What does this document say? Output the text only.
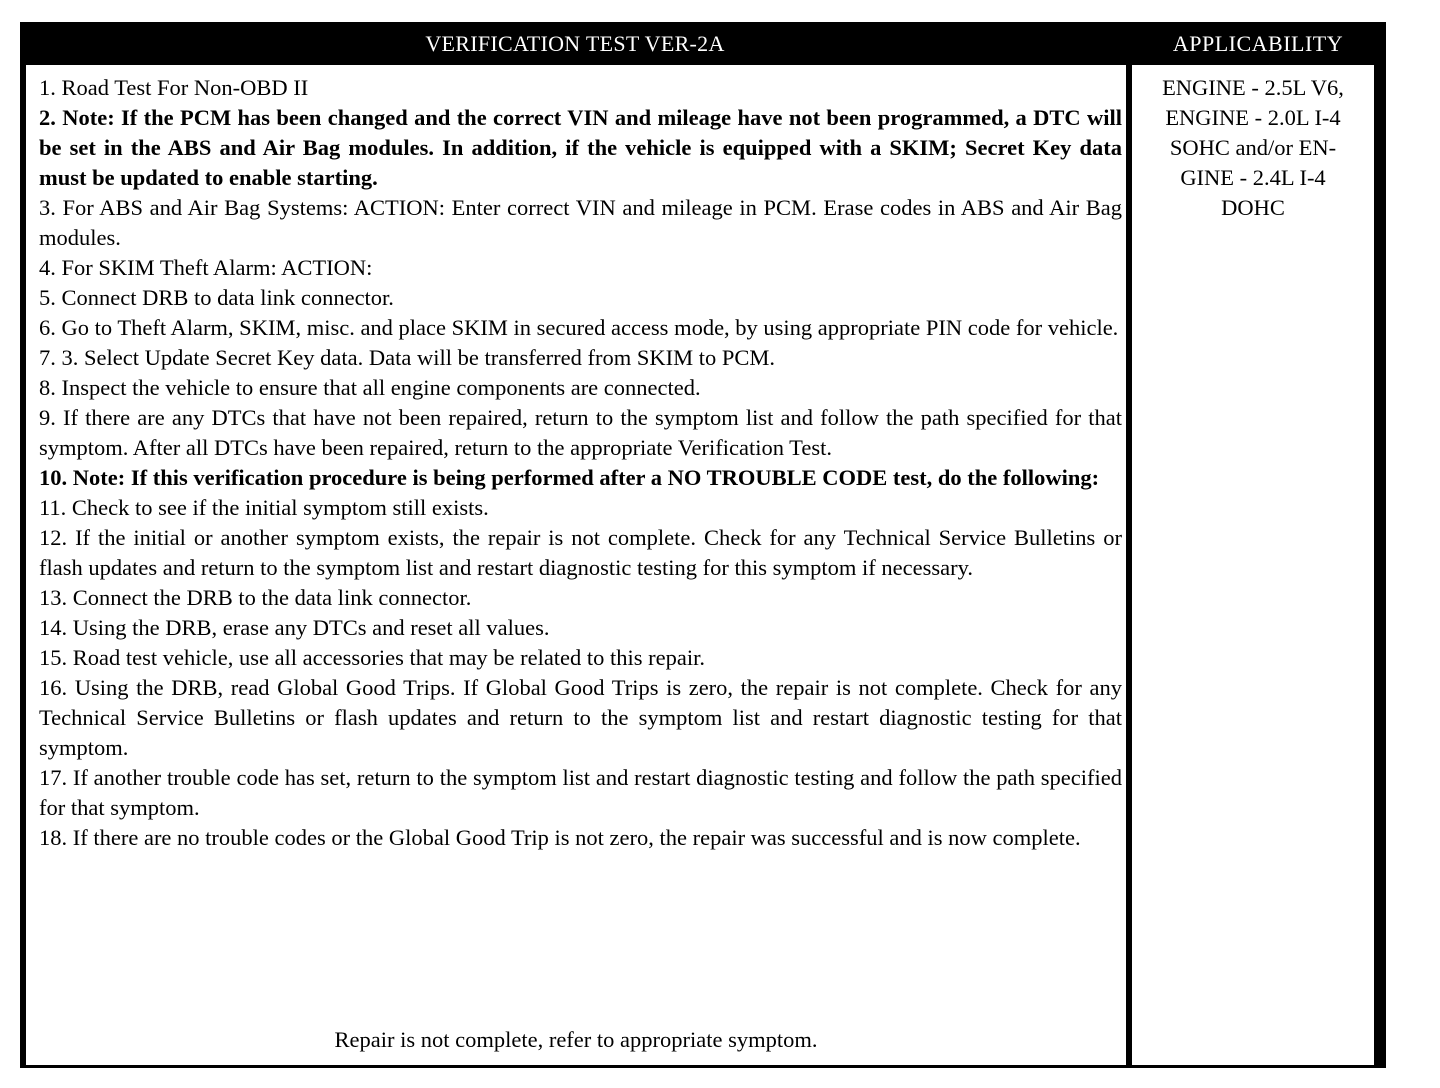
VERIFICATION TEST VER-2A	APPLICABILITY
1. Road Test For Non-OBD II
2. Note: If the PCM has been changed and the correct VIN and mileage have not been programmed, a DTC will be set in the ABS and Air Bag modules. In addition, if the vehicle is equipped with a SKIM; Secret Key data must be updated to enable starting.
3. For ABS and Air Bag Systems: ACTION: Enter correct VIN and mileage in PCM. Erase codes in ABS and Air Bag modules.
4. For SKIM Theft Alarm: ACTION:
5. Connect DRB to data link connector.
6. Go to Theft Alarm, SKIM, misc. and place SKIM in secured access mode, by using appropriate PIN code for vehicle.
7. 3. Select Update Secret Key data. Data will be transferred from SKIM to PCM.
8. Inspect the vehicle to ensure that all engine components are connected.
9. If there are any DTCs that have not been repaired, return to the symptom list and follow the path specified for that symptom. After all DTCs have been repaired, return to the appropriate Verification Test.
10. Note: If this verification procedure is being performed after a NO TROUBLE CODE test, do the following:
11. Check to see if the initial symptom still exists.
12. If the initial or another symptom exists, the repair is not complete. Check for any Technical Service Bulletins or flash updates and return to the symptom list and restart diagnostic testing for this symptom if necessary.
13. Connect the DRB to the data link connector.
14. Using the DRB, erase any DTCs and reset all values.
15. Road test vehicle, use all accessories that may be related to this repair.
16. Using the DRB, read Global Good Trips. If Global Good Trips is zero, the repair is not complete. Check for any Technical Service Bulletins or flash updates and return to the symptom list and restart diagnostic testing for that symptom.
17. If another trouble code has set, return to the symptom list and restart diagnostic testing and follow the path specified for that symptom.
18. If there are no trouble codes or the Global Good Trip is not zero, the repair was successful and is now complete.
Repair is not complete, refer to appropriate symptom.
ENGINE - 2.5L V6,
ENGINE - 2.0L I-4
SOHC and/or EN-
GINE - 2.4L I-4
DOHC
